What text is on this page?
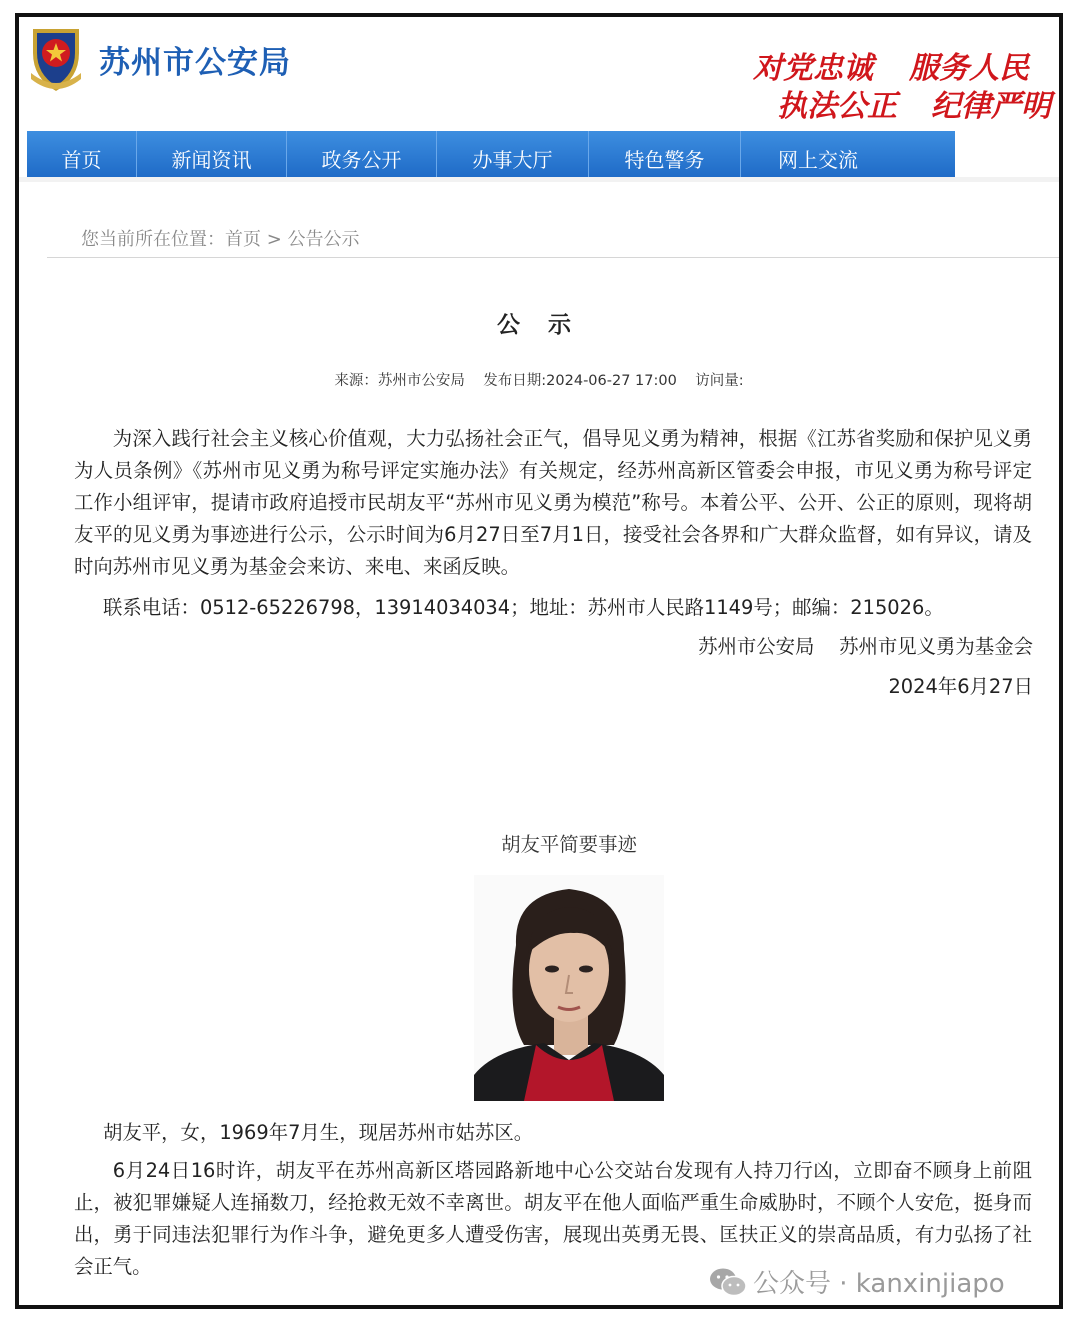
苏州市公安局	对党忠诚 服务人民
执法公正 纪律严明
首页	新闻资讯	政务公开	办事大厅	特色警务	网上交流
您当前所在位置：首页 > 公告公示
公 示
来源：苏州市公安局    发布日期:2024-06-27 17:00    访问量:

为深入践行社会主义核心价值观，大力弘扬社会正气，倡导见义勇为精神，根据《江苏省奖励和保护见义勇为人员条例》《苏州市见义勇为称号评定实施办法》有关规定，经苏州高新区管委会申报，市见义勇为称号评定工作小组评审，提请市政府追授市民胡友平“苏州市见义勇为模范”称号。本着公平、公开、公正的原则，现将胡友平的见义勇为事迹进行公示，公示时间为6月27日至7月1日，接受社会各界和广大群众监督，如有异议，请及时向苏州市见义勇为基金会来访、来电、来函反映。

联系电话：0512-65226798，13914034034；地址：苏州市人民路1149号；邮编：215026。
苏州市公安局    苏州市见义勇为基金会
2024年6月27日
胡友平简要事迹
胡友平，女，1969年7月生，现居苏州市姑苏区。

6月24日16时许，胡友平在苏州高新区塔园路新地中心公交站台发现有人持刀行凶，立即奋不顾身上前阻止，被犯罪嫌疑人连捅数刀，经抢救无效不幸离世。胡友平在他人面临严重生命威胁时，不顾个人安危，挺身而出，勇于同违法犯罪行为作斗争，避免更多人遭受伤害，展现出英勇无畏、匡扶正义的崇高品质，有力弘扬了社会正气。

公众号 · kanxinjiapo
